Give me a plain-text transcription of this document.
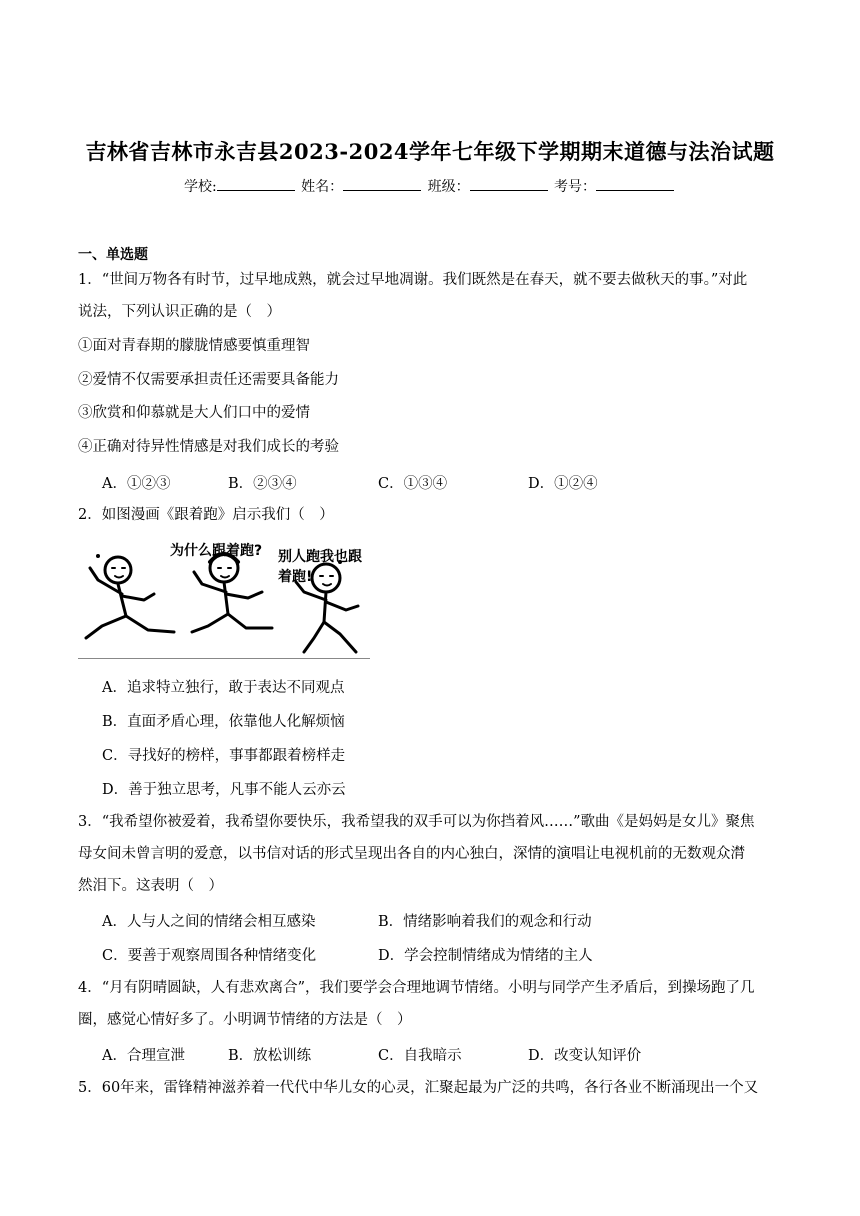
吉林省吉林市永吉县2023-2024学年七年级下学期期末道德与法治试题
学校:	姓名：	班级：	考号：
一、单选题
1．“世间万物各有时节，过早地成熟，就会过早地凋谢。我们既然是在春天，就不要去做秋天的事。”对此
说法，下列认识正确的是（　）
①面对青春期的朦胧情感要慎重理智
②爱情不仅需要承担责任还需要具备能力
③欣赏和仰慕就是大人们口中的爱情
④正确对待异性情感是对我们成长的考验
A．①②③	B．②③④	C．①③④	D．①②④
2．如图漫画《跟着跑》启示我们（　）
为什么跟着跑? 别人跑我也跟着跑!
A．追求特立独行，敢于表达不同观点
B．直面矛盾心理，依靠他人化解烦恼
C．寻找好的榜样，事事都跟着榜样走
D．善于独立思考，凡事不能人云亦云
3．“我希望你被爱着，我希望你要快乐，我希望我的双手可以为你挡着风……”歌曲《是妈妈是女儿》聚焦
母女间未曾言明的爱意，以书信对话的形式呈现出各自的内心独白，深情的演唱让电视机前的无数观众潸
然泪下。这表明（　）
A．人与人之间的情绪会相互感染	B．情绪影响着我们的观念和行动
C．要善于观察周围各种情绪变化	D．学会控制情绪成为情绪的主人
4．“月有阴晴圆缺，人有悲欢离合”，我们要学会合理地调节情绪。小明与同学产生矛盾后，到操场跑了几
圈，感觉心情好多了。小明调节情绪的方法是（　）
A．合理宣泄	B．放松训练	C．自我暗示	D．改变认知评价
5．60年来，雷锋精神滋养着一代代中华儿女的心灵，汇聚起最为广泛的共鸣，各行各业不断涌现出一个又
